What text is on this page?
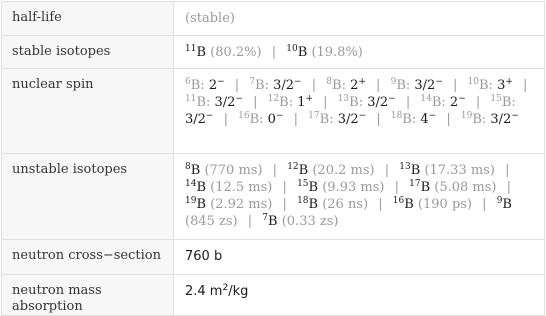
half-life	(stable)

stable isotopes	$^{11}$B (80.2%) | $^{10}$B (19.8%)

nuclear spin	$^6$B: 2− | $^7$B: 3/2− | $^8$B: 2+ | $^9$B: 3/2− | $^{10}$B: 3+ | $^{11}$B: 3/2− | $^{12}$B: 1+ | $^{13}$B: 3/2− | $^{14}$B: 2− | $^{15}$B: 3/2− | $^{16}$B: 0− | $^{17}$B: 3/2− | $^{18}$B: 4− | $^{19}$B: 3/2−

unstable isotopes	$^8$B (770 ms) | $^{12}$B (20.2 ms) | $^{13}$B (17.33 ms) | $^{14}$B (12.5 ms) | $^{15}$B (9.93 ms) | $^{17}$B (5.08 ms) | $^{19}$B (2.92 ms) | $^{18}$B (26 ns) | $^{16}$B (190 ps) | $^9$B (845 zs) | $^7$B (0.33 zs)

neutron cross−section	760 b

neutron mass absorption	2.4 $m^2/kg$
